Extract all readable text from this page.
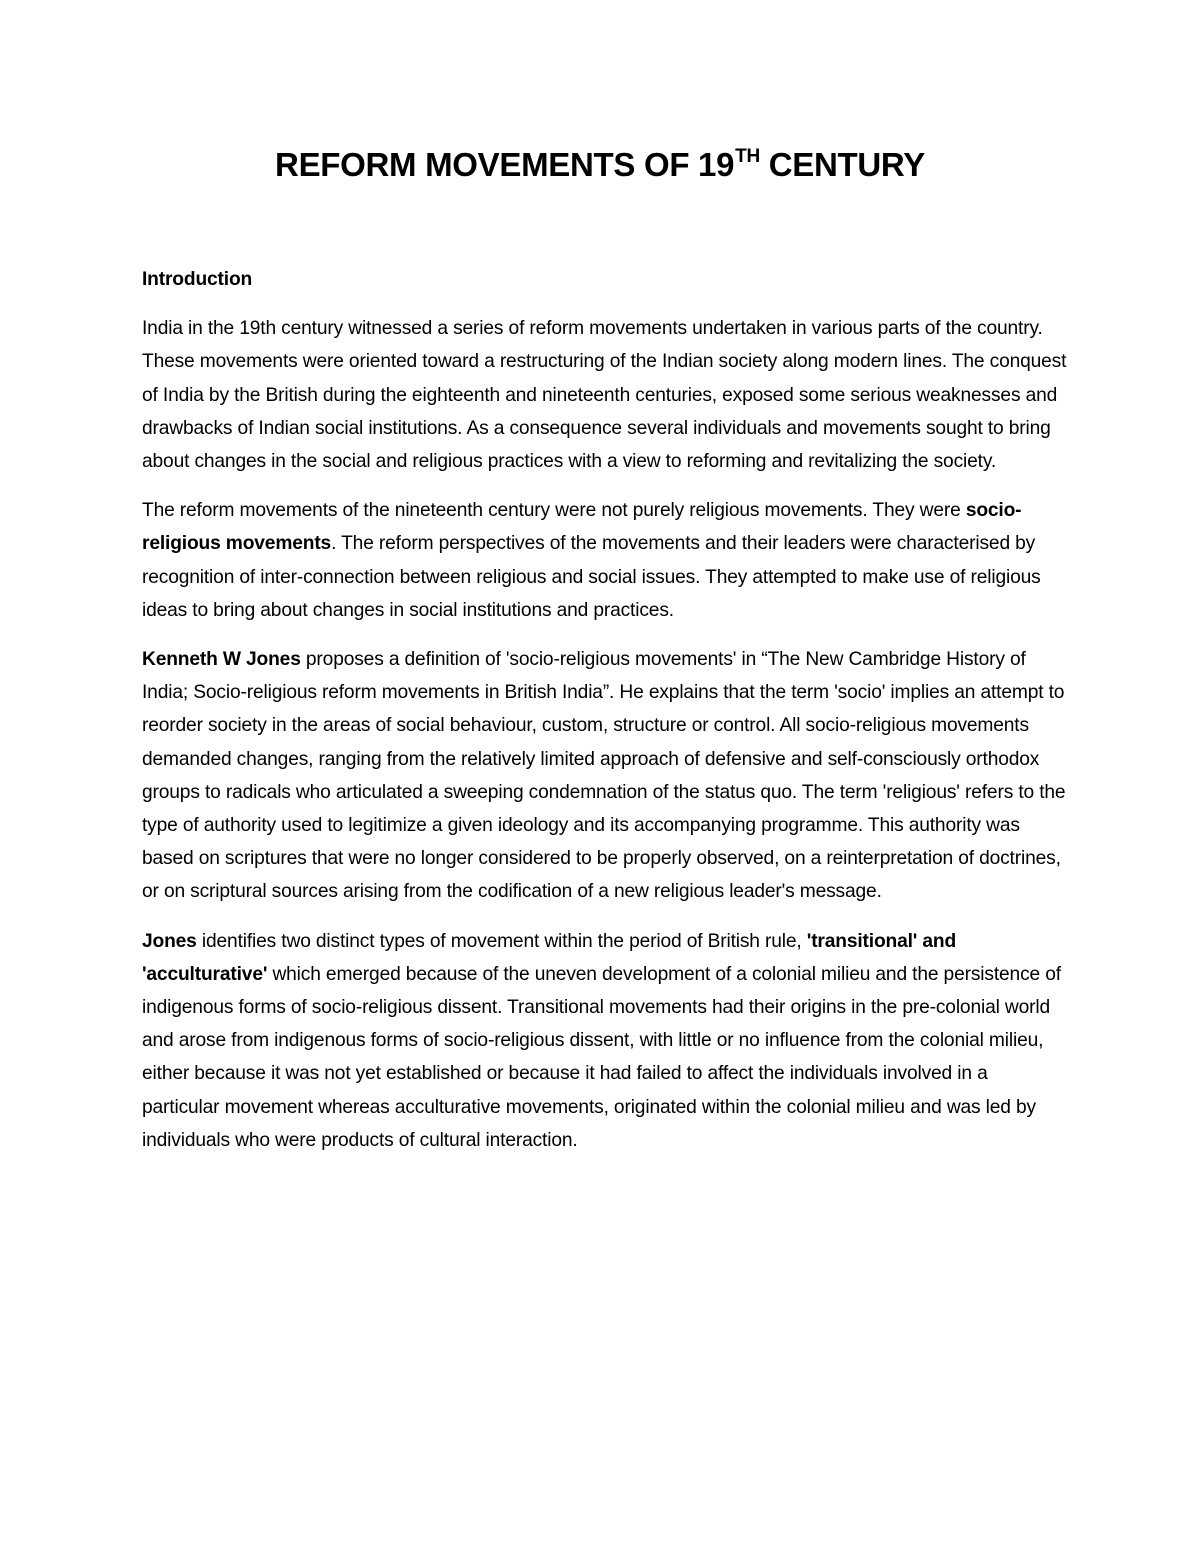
REFORM MOVEMENTS OF 19TH CENTURY

Introduction

India in the 19th century witnessed a series of reform movements undertaken in various parts of the country. These movements were oriented toward a restructuring of the Indian society along modern lines. The conquest of India by the British during the eighteenth and nineteenth centuries, exposed some serious weaknesses and drawbacks of Indian social institutions. As a consequence several individuals and movements sought to bring about changes in the social and religious practices with a view to reforming and revitalizing the society.

The reform movements of the nineteenth century were not purely religious movements. They were socio-religious movements. The reform perspectives of the movements and their leaders were characterised by recognition of inter-connection between religious and social issues. They attempted to make use of religious ideas to bring about changes in social institutions and practices.

Kenneth W Jones proposes a definition of 'socio-religious movements' in “The New Cambridge History of India; Socio-religious reform movements in British India”. He explains that the term 'socio' implies an attempt to reorder society in the areas of social behaviour, custom, structure or control. All socio-religious movements demanded changes, ranging from the relatively limited approach of defensive and self-consciously orthodox groups to radicals who articulated a sweeping condemnation of the status quo. The term 'religious' refers to the type of authority used to legitimize a given ideology and its accompanying programme. This authority was based on scriptures that were no longer considered to be properly observed, on a reinterpretation of doctrines, or on scriptural sources arising from the codification of a new religious leader's message.

Jones identifies two distinct types of movement within the period of British rule, 'transitional' and 'acculturative' which emerged because of the uneven development of a colonial milieu and the persistence of indigenous forms of socio-religious dissent. Transitional movements had their origins in the pre-colonial world and arose from indigenous forms of socio-religious dissent, with little or no influence from the colonial milieu, either because it was not yet established or because it had failed to affect the individuals involved in a particular movement whereas acculturative movements, originated within the colonial milieu and was led by individuals who were products of cultural interaction.
